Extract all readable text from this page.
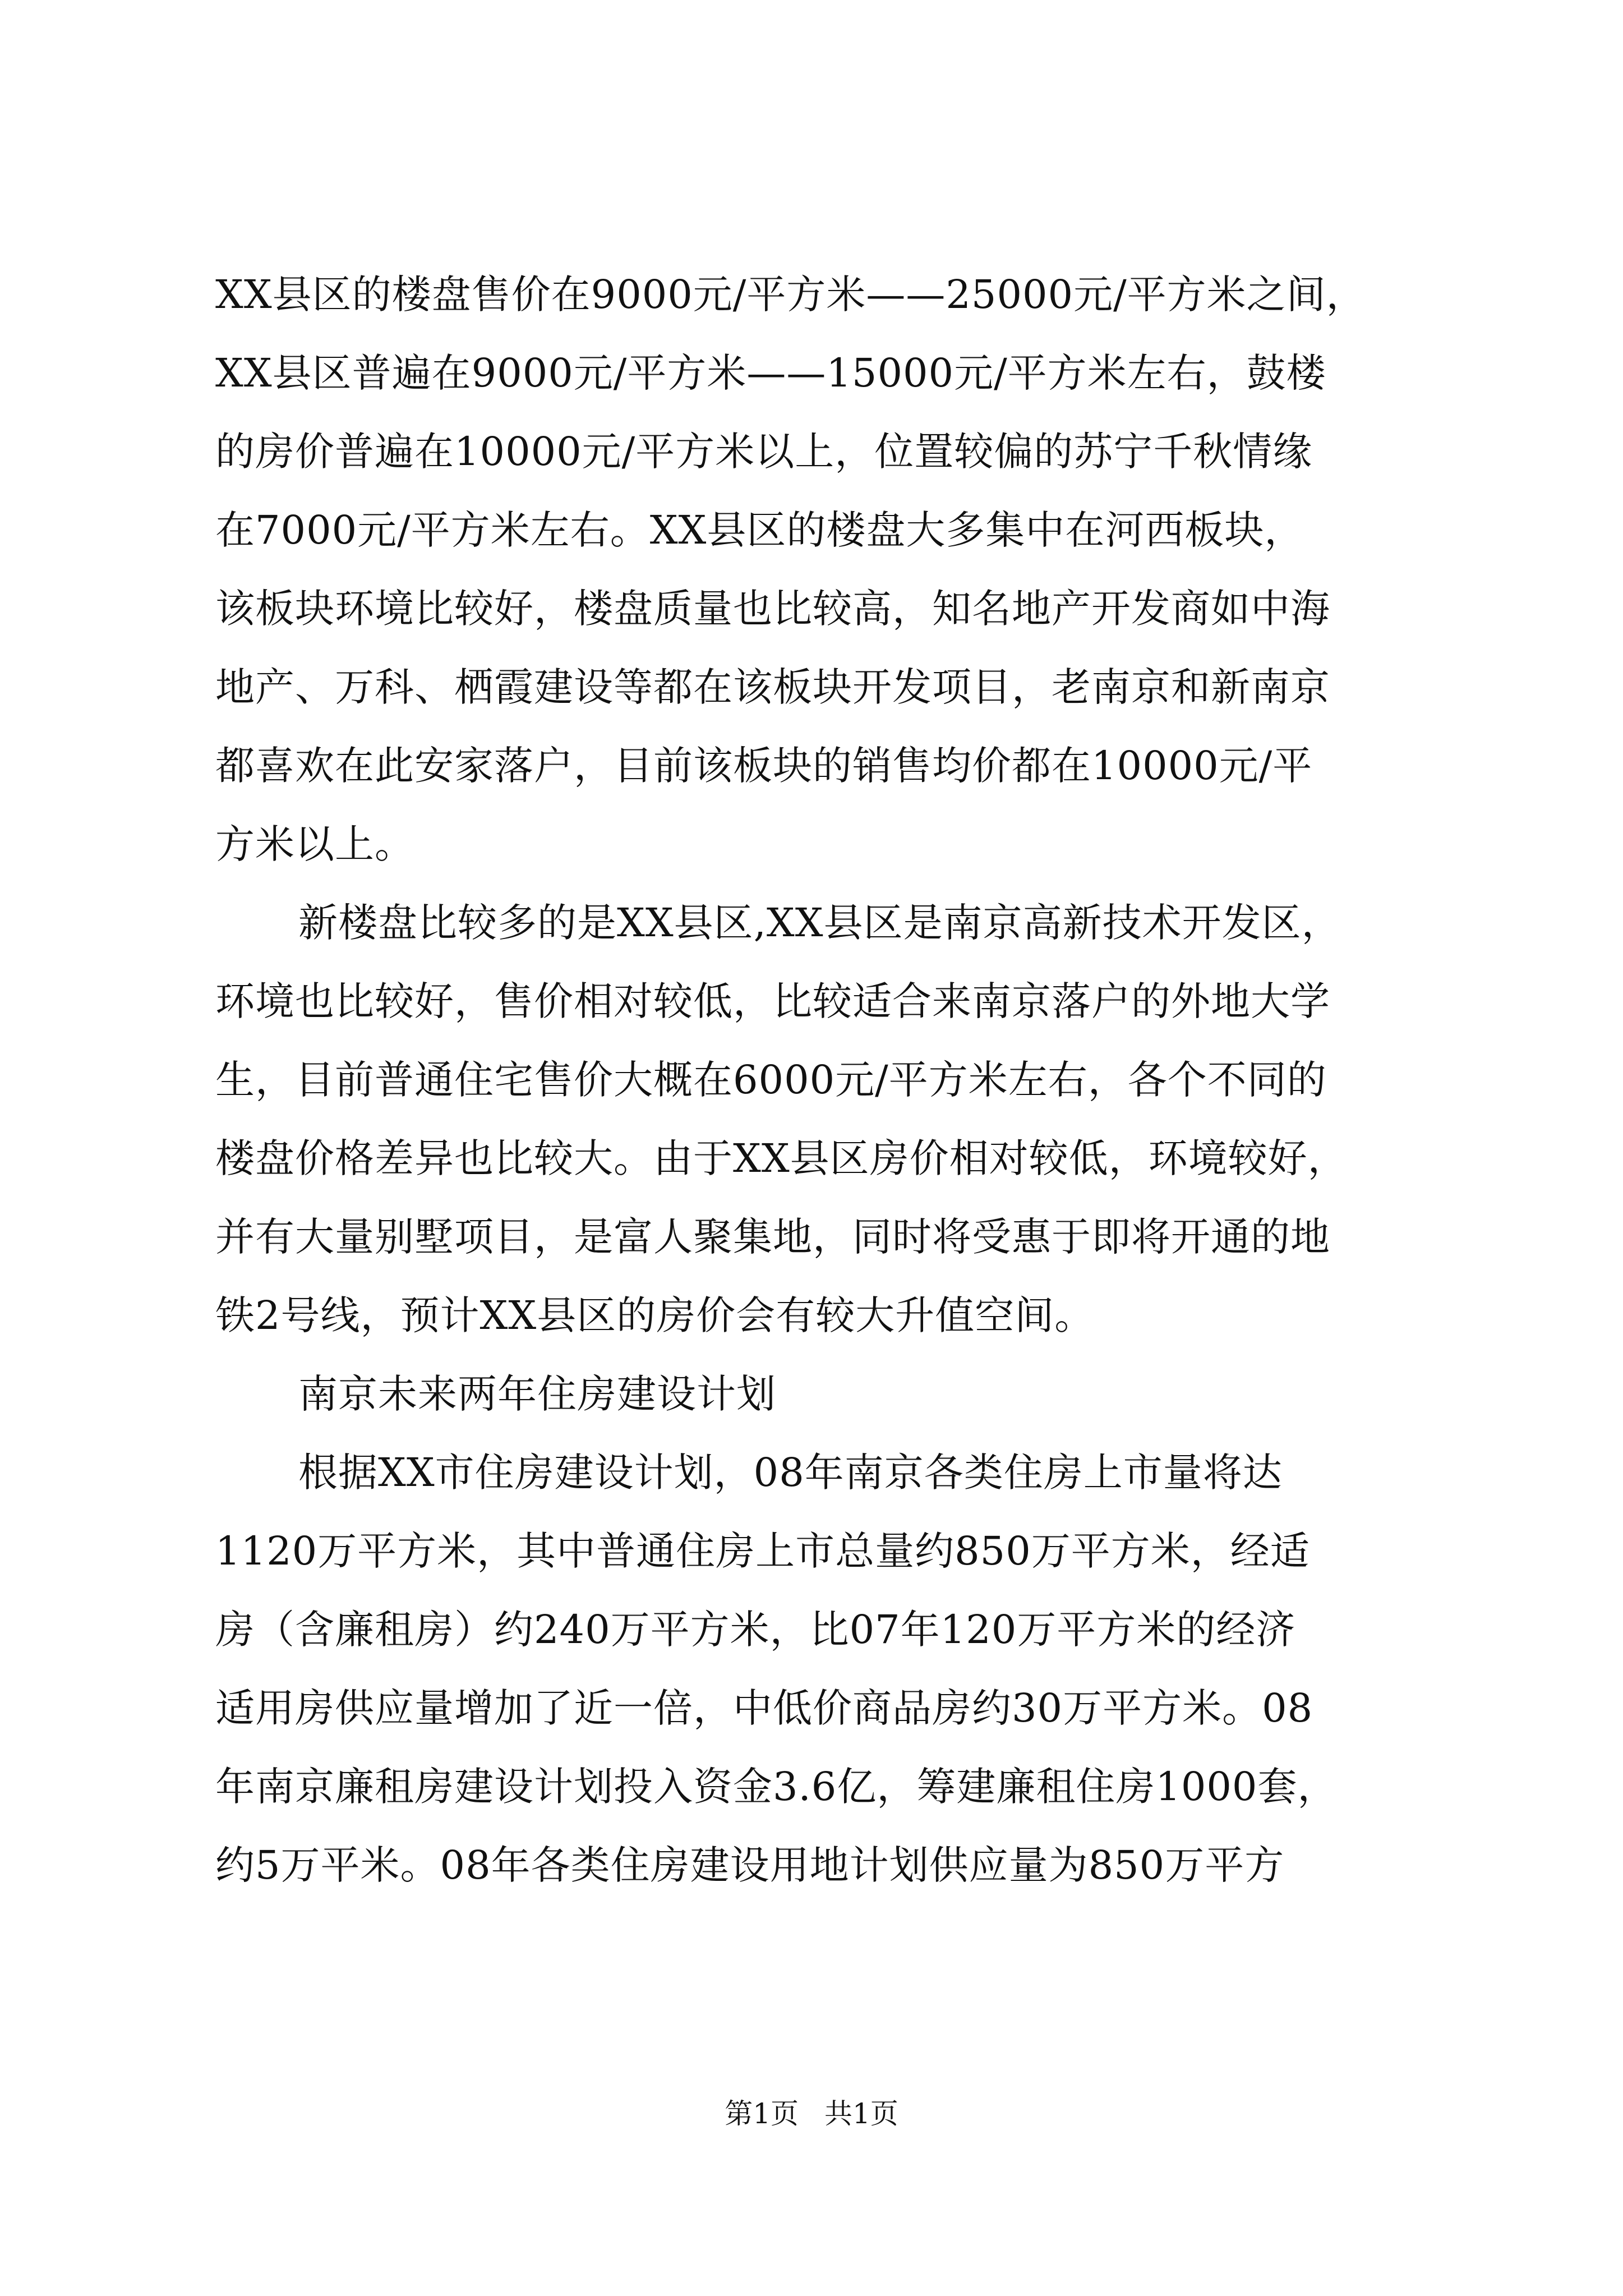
XX县区的楼盘售价在9000元/平方米——25000元/平方米之间，
XX县区普遍在9000元/平方米——15000元/平方米左右，鼓楼
的房价普遍在10000元/平方米以上，位置较偏的苏宁千秋情缘
在7000元/平方米左右。XX县区的楼盘大多集中在河西板块，
该板块环境比较好，楼盘质量也比较高，知名地产开发商如中海
地产、万科、栖霞建设等都在该板块开发项目，老南京和新南京
都喜欢在此安家落户，目前该板块的销售均价都在10000元/平
方米以上。
新楼盘比较多的是XX县区,XX县区是南京高新技术开发区，
环境也比较好，售价相对较低，比较适合来南京落户的外地大学
生，目前普通住宅售价大概在6000元/平方米左右，各个不同的
楼盘价格差异也比较大。由于XX县区房价相对较低，环境较好，
并有大量别墅项目，是富人聚集地，同时将受惠于即将开通的地
铁2号线，预计XX县区的房价会有较大升值空间。
南京未来两年住房建设计划
根据XX市住房建设计划，08年南京各类住房上市量将达
1120万平方米，其中普通住房上市总量约850万平方米，经适
房（含廉租房）约240万平方米，比07年120万平方米的经济
适用房供应量增加了近一倍，中低价商品房约30万平方米。08
年南京廉租房建设计划投入资金3.6亿，筹建廉租住房1000套，
约5万平米。08年各类住房建设用地计划供应量为850万平方
第1页 共1页
